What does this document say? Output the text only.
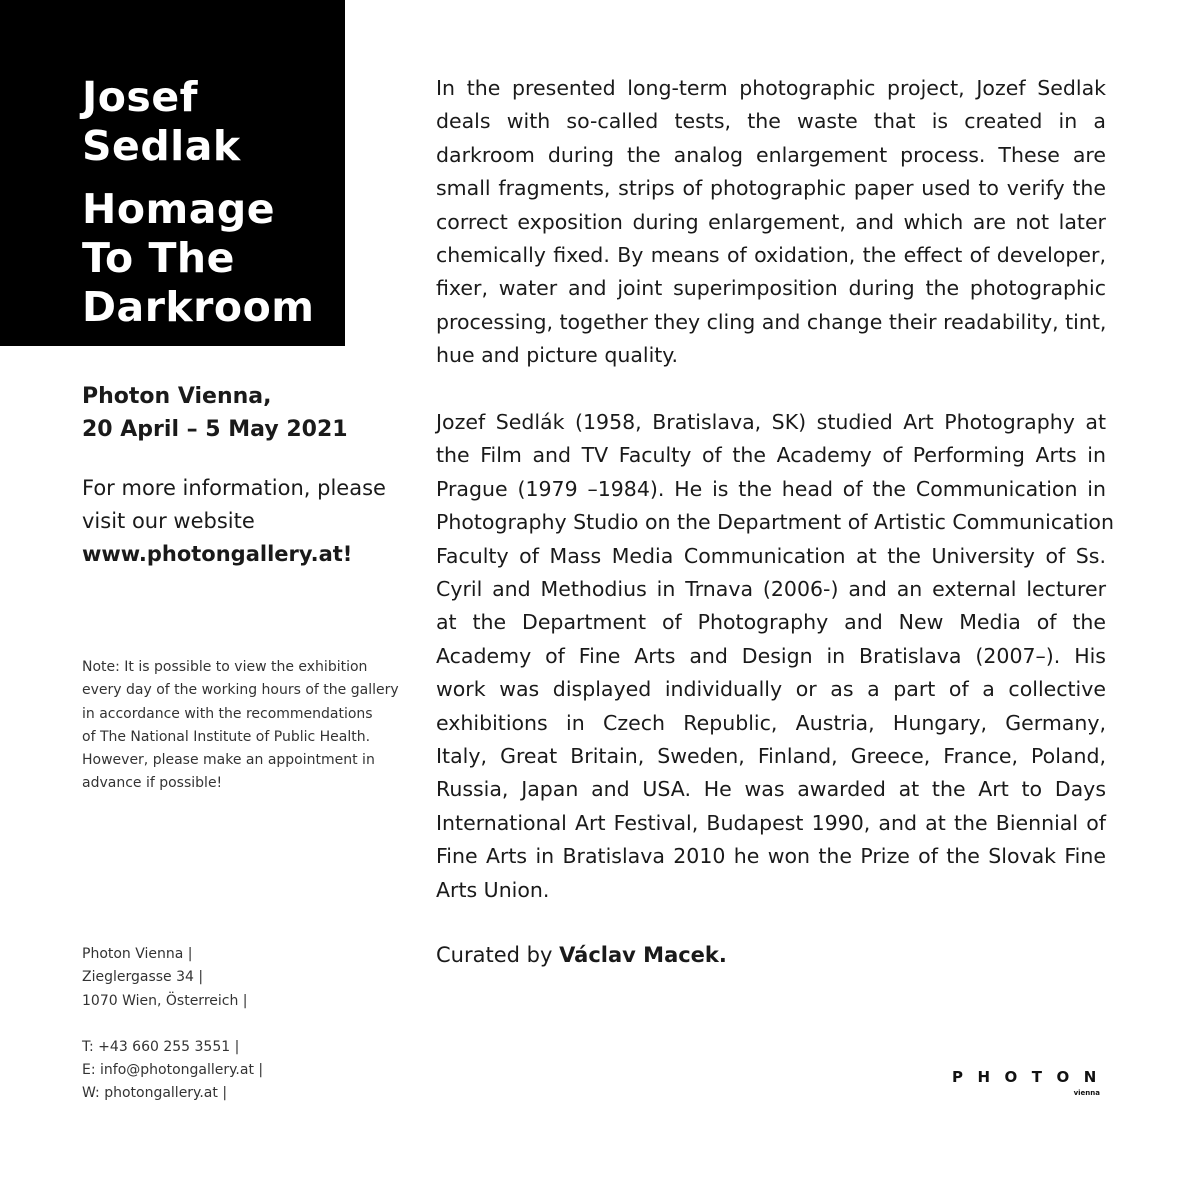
Josef
Sedlak
Homage
To The
Darkroom
Photon Vienna,
20 April – 5 May 2021
For more information, please
visit our website
www.photongallery.at!
Note: It is possible to view the exhibition
every day of the working hours of the gallery
in accordance with the recommendations
of The National Institute of Public Health.
However, please make an appointment in
advance if possible!
Photon Vienna |
Zieglergasse 34 |
1070 Wien, Österreich |
T: +43 660 255 3551 |
E: info@photongallery.at |
W: photongallery.at |

In the presented long-term photographic project, Jozef Sedlak
deals with so-called tests, the waste that is created in a
darkroom during the analog enlargement process. These are
small fragments, strips of photographic paper used to verify the
correct exposition during enlargement, and which are not later
chemically fixed. By means of oxidation, the effect of developer,
fixer, water and joint superimposition during the photographic
processing, together they cling and change their readability, tint,
hue and picture quality.

Jozef Sedlák (1958, Bratislava, SK) studied Art Photography at
the Film and TV Faculty of the Academy of Performing Arts in
Prague (1979 –1984). He is the head of the Communication in
Photography Studio on the Department of Artistic Communication
Faculty of Mass Media Communication at the University of Ss.
Cyril and Methodius in Trnava (2006-) and an external lecturer
at the Department of Photography and New Media of the
Academy of Fine Arts and Design in Bratislava (2007–). His
work was displayed individually or as a part of a collective
exhibitions in Czech Republic, Austria, Hungary, Germany,
Italy, Great Britain, Sweden, Finland, Greece, France, Poland,
Russia, Japan and USA. He was awarded at the Art to Days
International Art Festival, Budapest 1990, and at the Biennial of
Fine Arts in Bratislava 2010 he won the Prize of the Slovak Fine
Arts Union.

Curated by Václav Macek.

PHOTON
vienna
